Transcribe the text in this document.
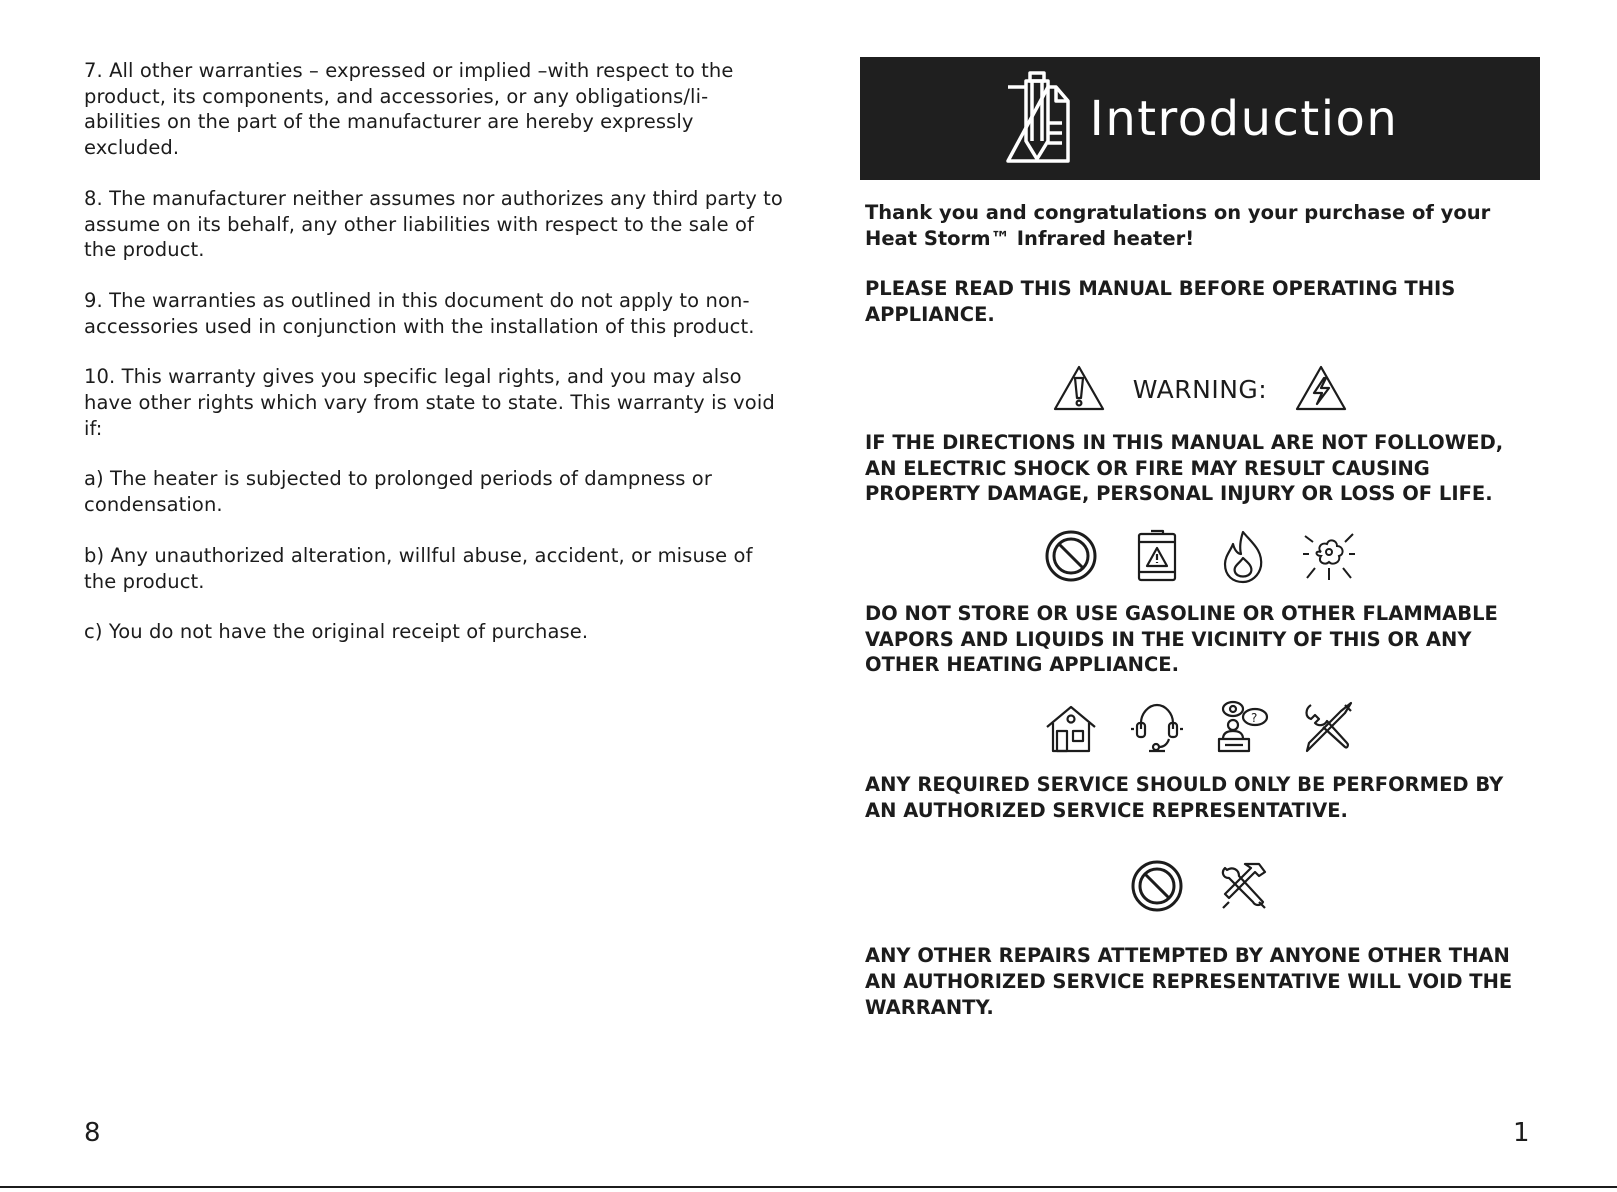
7. All other warranties – expressed or implied –with respect to the product, its components, and accessories, or any obligations/li- abilities on the part of the manufacturer are hereby expressly excluded.

8. The manufacturer neither assumes nor authorizes any third party to assume on its behalf, any other liabilities with respect to the sale of the product.

9. The warranties as outlined in this document do not apply to non-accessories used in conjunction with the installation of this product.

10. This warranty gives you specific legal rights, and you may also have other rights which vary from state to state. This warranty is void if:

a) The heater is subjected to prolonged periods of dampness or condensation.

b) Any unauthorized alteration, willful abuse, accident, or misuse of the product.

c) You do not have the original receipt of purchase.

Introduction

Thank you and congratulations on your purchase of your Heat Storm™ Infrared heater!

PLEASE READ THIS MANUAL BEFORE OPERATING THIS APPLIANCE.

WARNING:

IF THE DIRECTIONS IN THIS MANUAL ARE NOT FOLLOWED, AN ELECTRIC SHOCK OR FIRE MAY RESULT CAUSING PROPERTY DAMAGE, PERSONAL INJURY OR LOSS OF LIFE.

DO NOT STORE OR USE GASOLINE OR OTHER FLAMMABLE VAPORS AND LIQUIDS IN THE VICINITY OF THIS OR ANY OTHER HEATING APPLIANCE.

?

ANY REQUIRED SERVICE SHOULD ONLY BE PERFORMED BY AN AUTHORIZED SERVICE REPRESENTATIVE.

ANY OTHER REPAIRS ATTEMPTED BY ANYONE OTHER THAN AN AUTHORIZED SERVICE REPRESENTATIVE WILL VOID THE WARRANTY.

8	1
